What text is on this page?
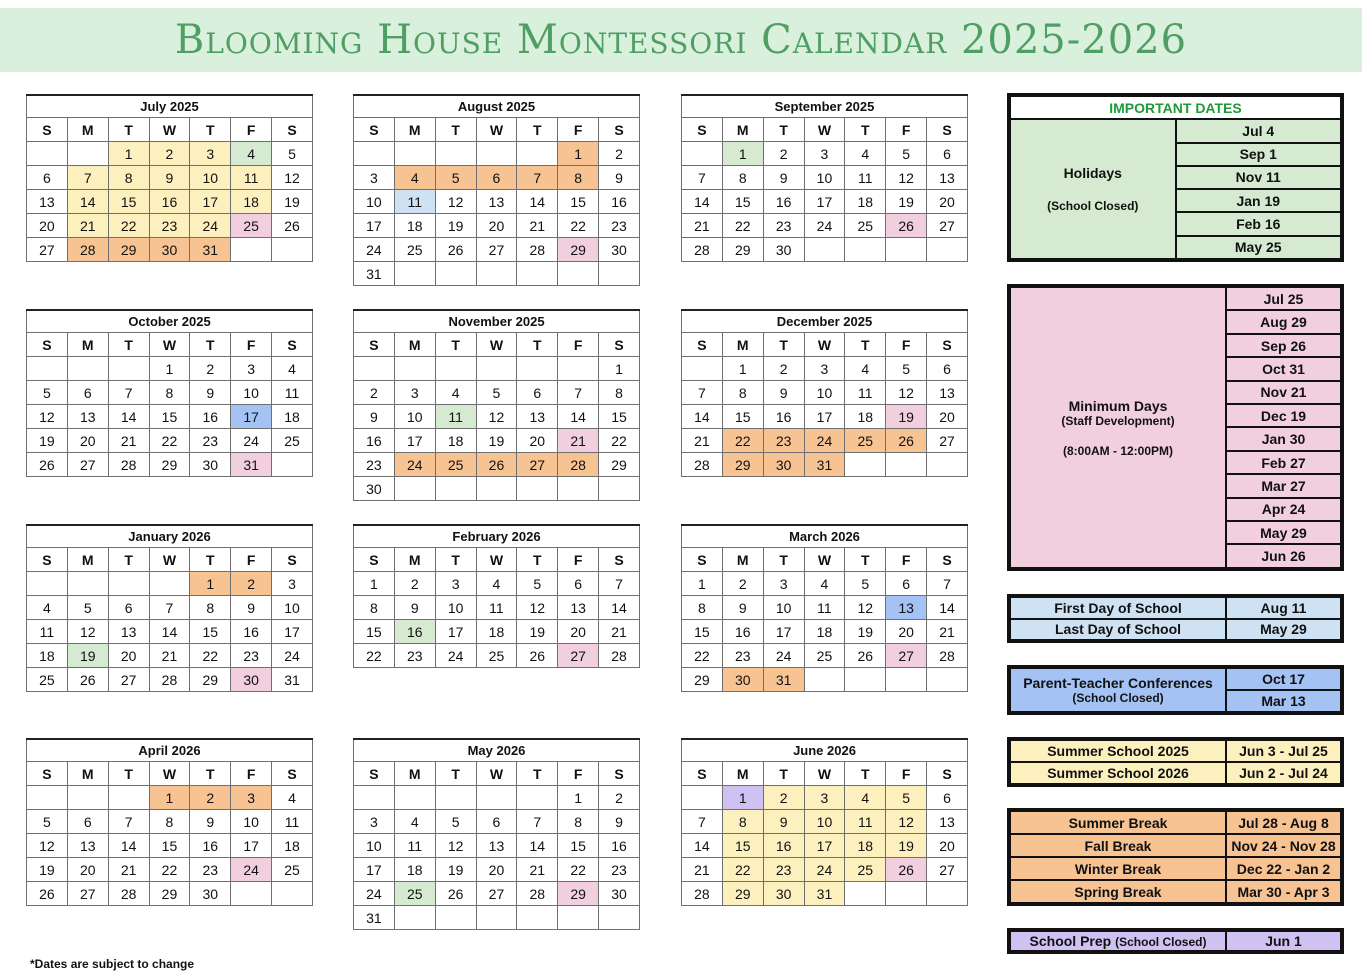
Blooming House Montessori Calendar 2025-2026
July 2025						
S	M	T	W	T	F	S
		1	2	3	4	5
6	7	8	9	10	11	12
13	14	15	16	17	18	19
20	21	22	23	24	25	26
27	28	29	30	31		
August 2025						
S	M	T	W	T	F	S
					1	2
3	4	5	6	7	8	9
10	11	12	13	14	15	16
17	18	19	20	21	22	23
24	25	26	27	28	29	30
31						
September 2025						
S	M	T	W	T	F	S
	1	2	3	4	5	6
7	8	9	10	11	12	13
14	15	16	17	18	19	20
21	22	23	24	25	26	27
28	29	30				
October 2025						
S	M	T	W	T	F	S
			1	2	3	4
5	6	7	8	9	10	11
12	13	14	15	16	17	18
19	20	21	22	23	24	25
26	27	28	29	30	31	
November 2025						
S	M	T	W	T	F	S
						1
2	3	4	5	6	7	8
9	10	11	12	13	14	15
16	17	18	19	20	21	22
23	24	25	26	27	28	29
30						
December 2025						
S	M	T	W	T	F	S
	1	2	3	4	5	6
7	8	9	10	11	12	13
14	15	16	17	18	19	20
21	22	23	24	25	26	27
28	29	30	31			
January 2026						
S	M	T	W	T	F	S
				1	2	3
4	5	6	7	8	9	10
11	12	13	14	15	16	17
18	19	20	21	22	23	24
25	26	27	28	29	30	31
February 2026						
S	M	T	W	T	F	S
1	2	3	4	5	6	7
8	9	10	11	12	13	14
15	16	17	18	19	20	21
22	23	24	25	26	27	28
March 2026						
S	M	T	W	T	F	S
1	2	3	4	5	6	7
8	9	10	11	12	13	14
15	16	17	18	19	20	21
22	23	24	25	26	27	28
29	30	31				
April 2026						
S	M	T	W	T	F	S
			1	2	3	4
5	6	7	8	9	10	11
12	13	14	15	16	17	18
19	20	21	22	23	24	25
26	27	28	29	30		
May 2026						
S	M	T	W	T	F	S
					1	2
3	4	5	6	7	8	9
10	11	12	13	14	15	16
17	18	19	20	21	22	23
24	25	26	27	28	29	30
31						
June 2026						
S	M	T	W	T	F	S
	1	2	3	4	5	6
7	8	9	10	11	12	13
14	15	16	17	18	19	20
21	22	23	24	25	26	27
28	29	30	31			
IMPORTANT DATES

Holidays
(School Closed)
	Jul 4
Sep 1
Nov 11
Jan 19
Feb 16
May 25
Minimum Days
(Staff Development)
(8:00AM - 12:00PM)
	Jul 25
Aug 29
Sep 26
Oct 31
Nov 21
Dec 19
Jan 30
Feb 27
Mar 27
Apr 24
May 29
Jun 26
First Day of School	Aug 11
Last Day of School	May 29
Parent-Teacher Conferences
(School Closed)
	Oct 17
Mar 13
Summer School 2025	Jun 3 - Jul 25
Summer School 2026	Jun 2 - Jul 24
Summer Break	Jul 28 - Aug 8
Fall Break	Nov 24 - Nov 28
Winter Break	Dec 22 - Jan 2
Spring Break	Mar 30 - Apr 3
School Prep (School Closed)	Jun 1
*Dates are subject to change
